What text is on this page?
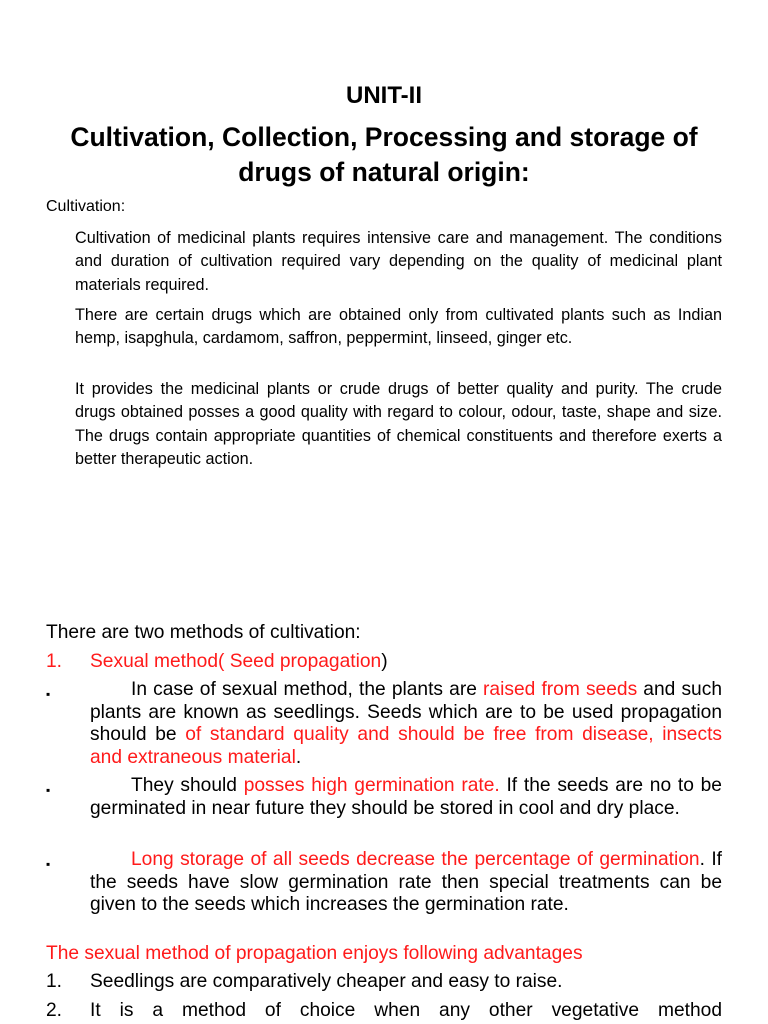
UNIT-II
Cultivation, Collection, Processing and storage of drugs of natural origin:
Cultivation:
Cultivation of medicinal plants requires intensive care and management. The conditions and duration of cultivation required vary depending on the quality of medicinal plant materials required.
There are certain drugs which are obtained only from cultivated plants such as Indian hemp, isapghula, cardamom, saffron, peppermint, linseed, ginger etc.
It provides the medicinal plants or crude drugs of better quality and purity. The crude drugs obtained posses a good quality with regard to colour, odour, taste, shape and size. The drugs contain appropriate quantities of chemical constituents and therefore exerts a better therapeutic action.
There are two methods of cultivation:
1. Sexual method( Seed propagation)
▪	In case of sexual method, the plants are raised from seeds and such plants are known as seedlings. Seeds which are to be used propagation should be of standard quality and should be free from disease, insects and extraneous material.
▪	They should posses high germination rate. If the seeds are no to be germinated in near future they should be stored in cool and dry place.
▪	Long storage of all seeds decrease the percentage of germination. If the seeds have slow germination rate then special treatments can be given to the seeds which increases the germination rate.
The sexual method of propagation enjoys following advantages
1. Seedlings are comparatively cheaper and easy to raise.
2. It is a method of choice when any other vegetative method
